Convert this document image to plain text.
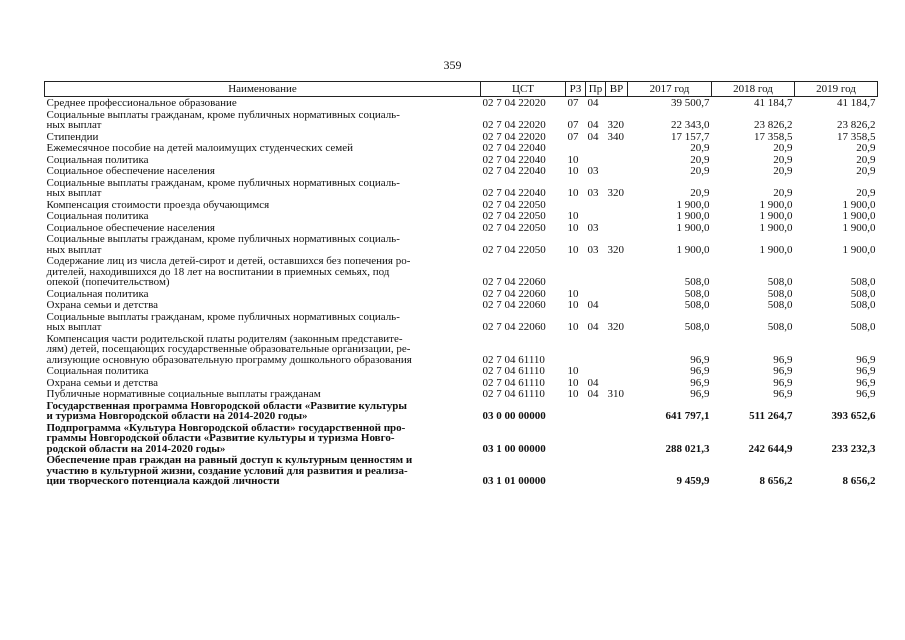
359
Наименование	ЦСТ	РЗ	Пр	ВР	2017 год	2018 год	2019 год
Среднее профессиональное образование	02 7 04 22020	07	04		39 500,7	41 184,7	41 184,7
Социальные выплаты гражданам, кроме публичных нормативных социаль-
ных выплат	02 7 04 22020	07	04	320	22 343,0	23 826,2	23 826,2
Стипендии	02 7 04 22020	07	04	340	17 157,7	17 358,5	17 358,5
Ежемесячное пособие на детей малоимущих студенческих семей	02 7 04 22040				20,9	20,9	20,9
Социальная политика	02 7 04 22040	10			20,9	20,9	20,9
Социальное обеспечение населения	02 7 04 22040	10	03		20,9	20,9	20,9
Социальные выплаты гражданам, кроме публичных нормативных социаль-
ных выплат	02 7 04 22040	10	03	320	20,9	20,9	20,9
Компенсация стоимости проезда обучающимся	02 7 04 22050				1 900,0	1 900,0	1 900,0
Социальная политика	02 7 04 22050	10			1 900,0	1 900,0	1 900,0
Социальное обеспечение населения	02 7 04 22050	10	03		1 900,0	1 900,0	1 900,0
Социальные выплаты гражданам, кроме публичных нормативных социаль-
ных выплат	02 7 04 22050	10	03	320	1 900,0	1 900,0	1 900,0
Содержание лиц из числа детей-сирот и детей, оставшихся без попечения ро-
дителей, находившихся до 18 лет на воспитании в приемных семьях, под
опекой (попечительством)	02 7 04 22060				508,0	508,0	508,0
Социальная политика	02 7 04 22060	10			508,0	508,0	508,0
Охрана семьи и детства	02 7 04 22060	10	04		508,0	508,0	508,0
Социальные выплаты гражданам, кроме публичных нормативных социаль-
ных выплат	02 7 04 22060	10	04	320	508,0	508,0	508,0
Компенсация части родительской платы родителям (законным представите-
лям) детей, посещающих государственные образовательные организации, ре-
ализующие основную образовательную программу дошкольного образования	02 7 04 61110				96,9	96,9	96,9
Социальная политика	02 7 04 61110	10			96,9	96,9	96,9
Охрана семьи и детства	02 7 04 61110	10	04		96,9	96,9	96,9
Публичные нормативные социальные выплаты гражданам	02 7 04 61110	10	04	310	96,9	96,9	96,9
Государственная программа Новгородской области «Развитие культуры
и туризма Новгородской области на 2014-2020 годы»	03 0 00 00000				641 797,1	511 264,7	393 652,6
Подпрограмма «Культура Новгородской области» государственной про-
граммы Новгородской области «Развитие культуры и туризма Новго-
родской области на 2014-2020 годы»	03 1 00 00000				288 021,3	242 644,9	233 232,3
Обеспечение прав граждан на равный доступ к культурным ценностям и
участию в культурной жизни, создание условий для развития и реализа-
ции творческого потенциала каждой личности	03 1 01 00000				9 459,9	8 656,2	8 656,2
